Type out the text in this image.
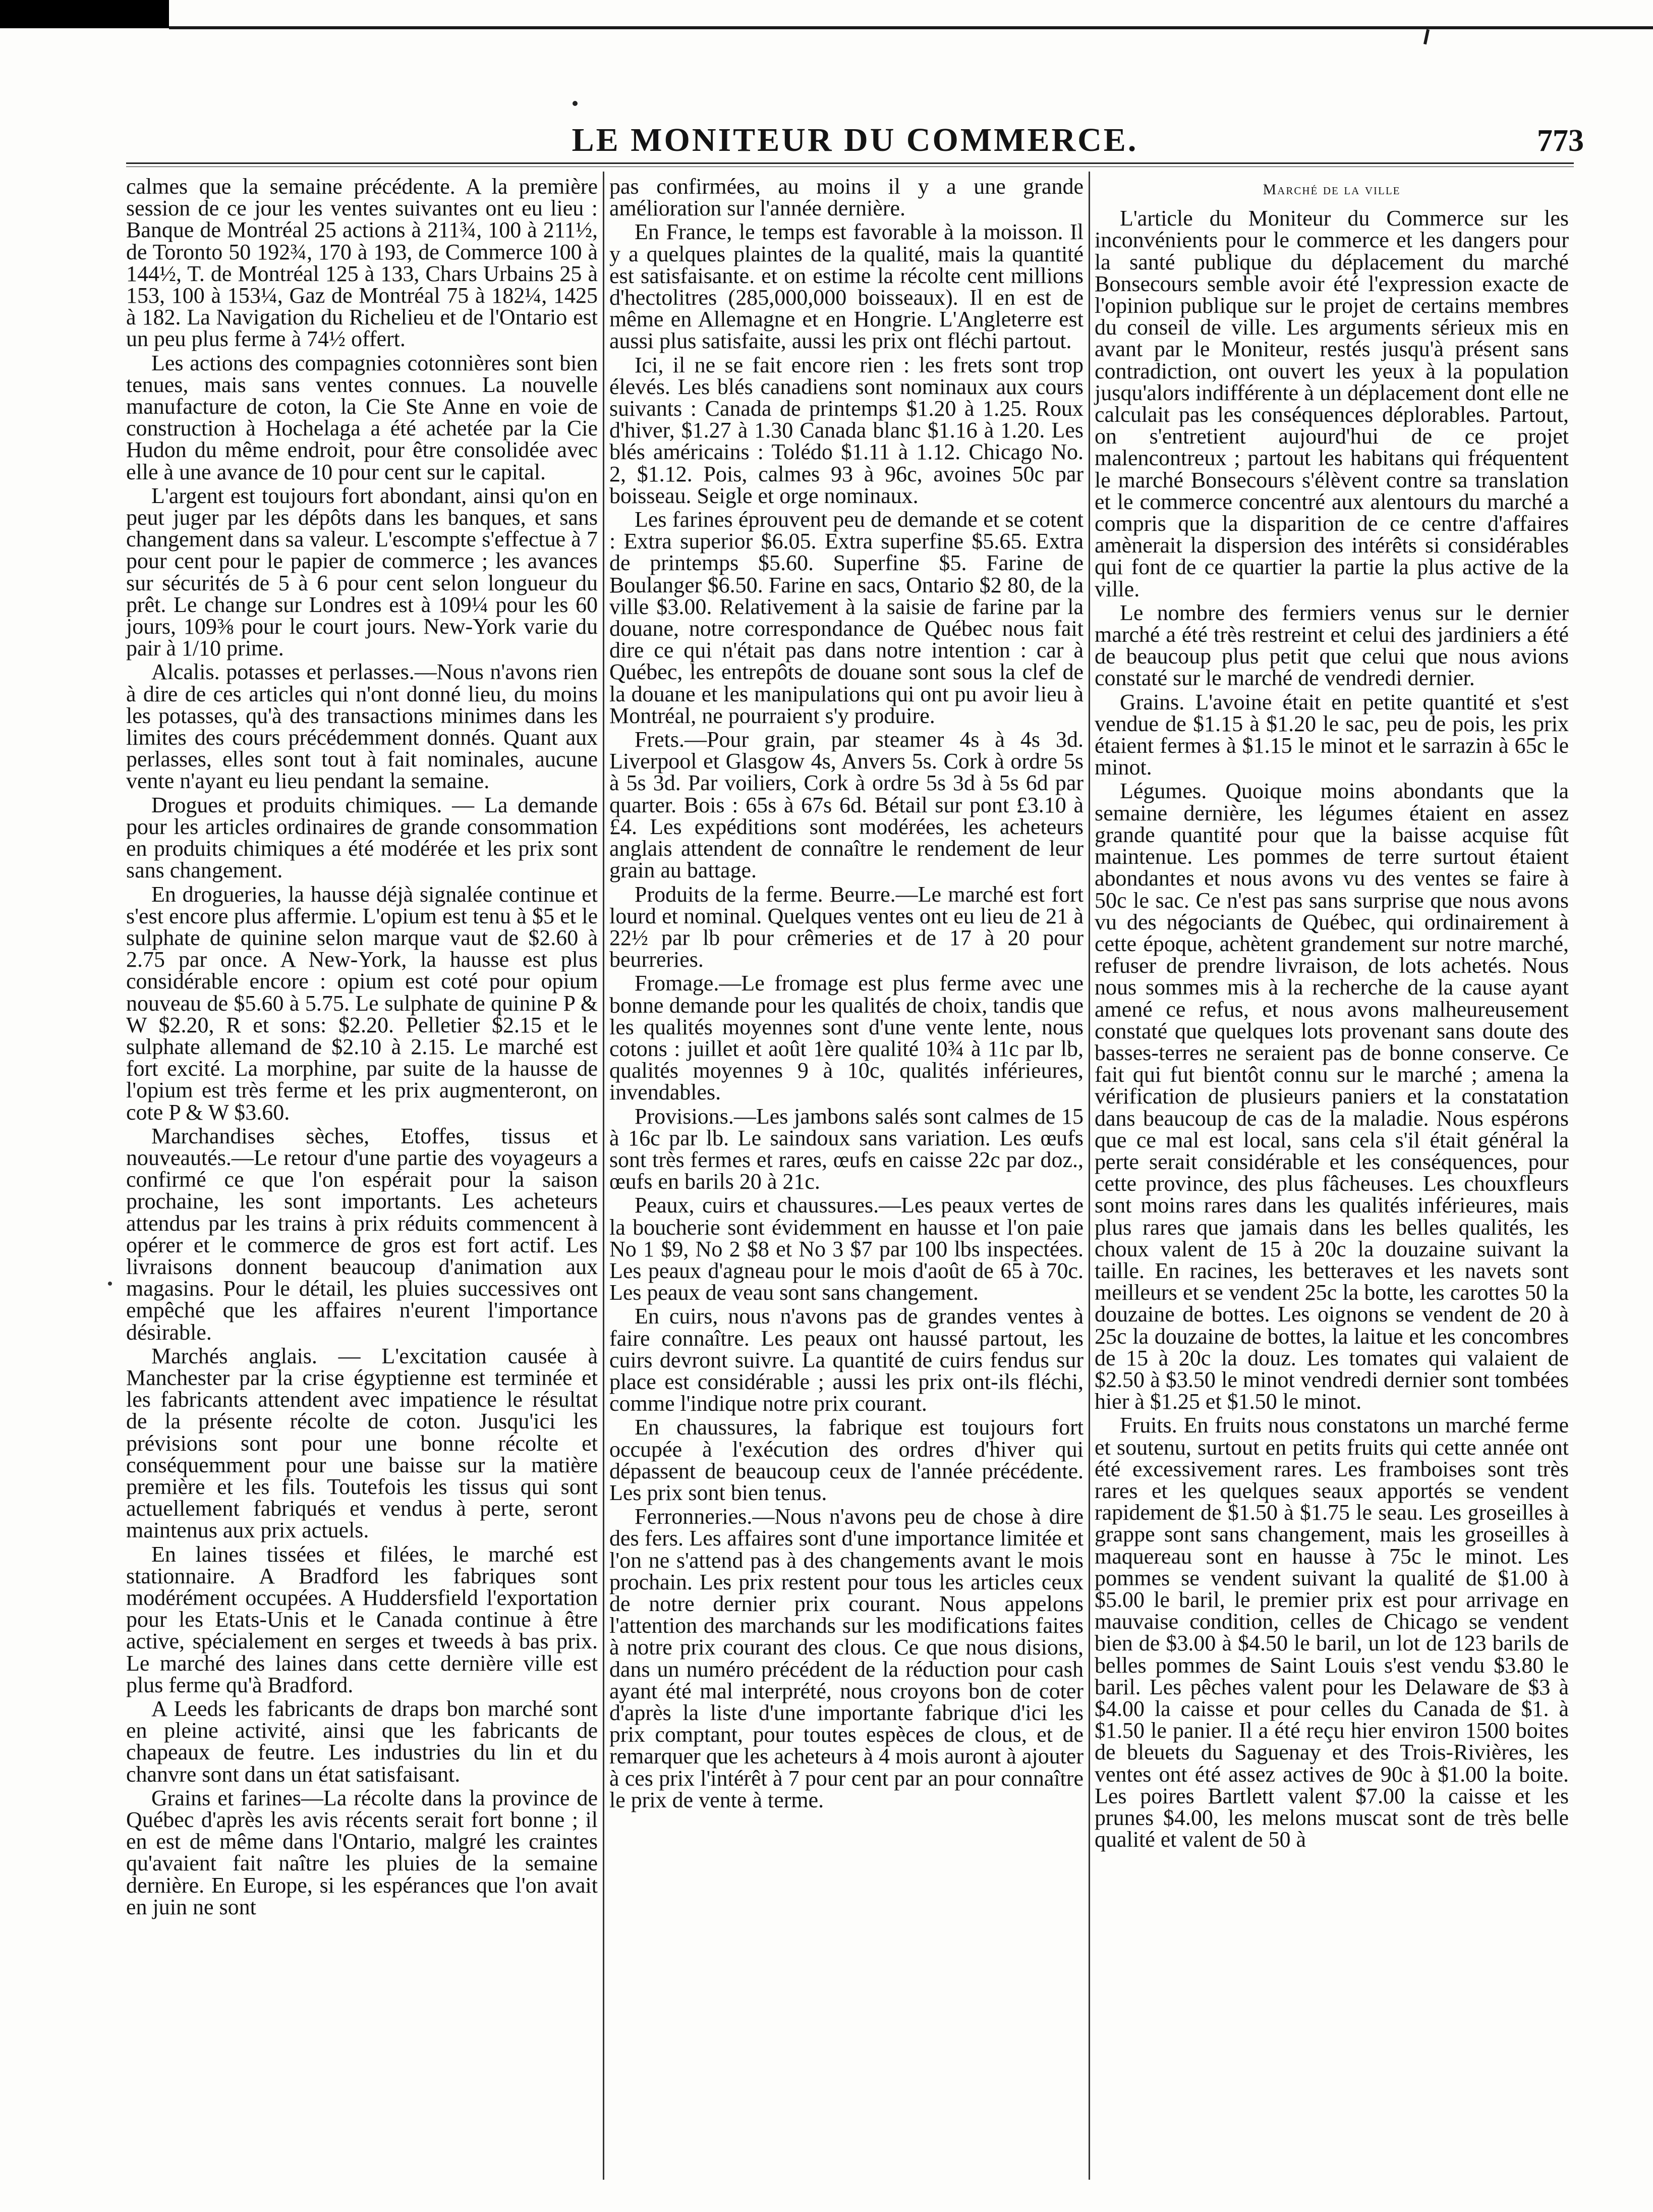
LE MONITEUR DU COMMERCE.	773

calmes que la semaine précédente. A la première session de ce jour les ventes suivantes ont eu lieu : Banque de Montréal 25 actions à 211¾, 100 à 211½, de Toronto 50 192¾, 170 à 193, de Commerce 100 à 144½, T. de Montréal 125 à 133, Chars Urbains 25 à 153, 100 à 153¼, Gaz de Montréal 75 à 182¼, 1425 à 182. La Navigation du Richelieu et de l'Ontario est un peu plus ferme à 74½ offert.

Les actions des compagnies cotonnières sont bien tenues, mais sans ventes connues. La nouvelle manufacture de coton, la Cie Ste Anne en voie de construction à Hochelaga a été achetée par la Cie Hudon du même endroit, pour être consolidée avec elle à une avance de 10 pour cent sur le capital.

L'argent est toujours fort abondant, ainsi qu'on en peut juger par les dépôts dans les banques, et sans changement dans sa valeur. L'escompte s'effectue à 7 pour cent pour le papier de commerce ; les avances sur sécurités de 5 à 6 pour cent selon longueur du prêt. Le change sur Londres est à 109¼ pour les 60 jours, 109⅜ pour le court jours. New-York varie du pair à 1/10 prime.

Alcalis. potasses et perlasses.—Nous n'avons rien à dire de ces articles qui n'ont donné lieu, du moins les potasses, qu'à des transactions minimes dans les limites des cours précédemment donnés. Quant aux perlasses, elles sont tout à fait nominales, aucune vente n'ayant eu lieu pendant la semaine.

Drogues et produits chimiques. — La demande pour les articles ordinaires de grande consommation en produits chimiques a été modérée et les prix sont sans changement.

En drogueries, la hausse déjà signalée continue et s'est encore plus affermie. L'opium est tenu à $5 et le sulphate de quinine selon marque vaut de $2.60 à 2.75 par once. A New-York, la hausse est plus considérable encore : opium est coté pour opium nouveau de $5.60 à 5.75. Le sulphate de quinine P & W $2.20, R et sons: $2.20. Pelletier $2.15 et le sulphate allemand de $2.10 à 2.15. Le marché est fort excité. La morphine, par suite de la hausse de l'opium est très ferme et les prix augmenteront, on cote P & W $3.60.

Marchandises sèches, Etoffes, tissus et nouveautés.—Le retour d'une partie des voyageurs a confirmé ce que l'on espérait pour la saison prochaine, les sont importants. Les acheteurs attendus par les trains à prix réduits commencent à opérer et le commerce de gros est fort actif. Les livraisons donnent beaucoup d'animation aux magasins. Pour le détail, les pluies successives ont empêché que les affaires n'eurent l'importance désirable.

Marchés anglais. — L'excitation causée à Manchester par la crise égyptienne est terminée et les fabricants attendent avec impatience le résultat de la présente récolte de coton. Jusqu'ici les prévisions sont pour une bonne récolte et conséquemment pour une baisse sur la matière première et les fils. Toutefois les tissus qui sont actuellement fabriqués et vendus à perte, seront maintenus aux prix actuels.

En laines tissées et filées, le marché est stationnaire. A Bradford les fabriques sont modérément occupées. A Huddersfield l'exportation pour les Etats-Unis et le Canada continue à être active, spécialement en serges et tweeds à bas prix. Le marché des laines dans cette dernière ville est plus ferme qu'à Bradford.

A Leeds les fabricants de draps bon marché sont en pleine activité, ainsi que les fabricants de chapeaux de feutre. Les industries du lin et du chanvre sont dans un état satisfaisant.

Grains et farines—La récolte dans la province de Québec d'après les avis récents serait fort bonne ; il en est de même dans l'Ontario, malgré les craintes qu'avaient fait naître les pluies de la semaine dernière. En Europe, si les espérances que l'on avait en juin ne sont

pas confirmées, au moins il y a une grande amélioration sur l'année dernière.

En France, le temps est favorable à la moisson. Il y a quelques plaintes de la qualité, mais la quantité est satisfaisante. et on estime la récolte cent millions d'hectolitres (285,000,000 boisseaux). Il en est de même en Allemagne et en Hongrie. L'Angleterre est aussi plus satisfaite, aussi les prix ont fléchi partout.

Ici, il ne se fait encore rien : les frets sont trop élevés. Les blés canadiens sont nominaux aux cours suivants : Canada de printemps $1.20 à 1.25. Roux d'hiver, $1.27 à 1.30 Canada blanc $1.16 à 1.20. Les blés américains : Tolédo $1.11 à 1.12. Chicago No. 2, $1.12. Pois, calmes 93 à 96c, avoines 50c par boisseau. Seigle et orge nominaux.

Les farines éprouvent peu de demande et se cotent : Extra superior $6.05. Extra superfine $5.65. Extra de printemps $5.60. Superfine $5. Farine de Boulanger $6.50. Farine en sacs, Ontario $2 80, de la ville $3.00. Relativement à la saisie de farine par la douane, notre correspondance de Québec nous fait dire ce qui n'était pas dans notre intention : car à Québec, les entrepôts de douane sont sous la clef de la douane et les manipulations qui ont pu avoir lieu à Montréal, ne pourraient s'y produire.

Frets.—Pour grain, par steamer 4s à 4s 3d. Liverpool et Glasgow 4s, Anvers 5s. Cork à ordre 5s à 5s 3d. Par voiliers, Cork à ordre 5s 3d à 5s 6d par quarter. Bois : 65s à 67s 6d. Bétail sur pont £3.10 à £4. Les expéditions sont modérées, les acheteurs anglais attendent de connaître le rendement de leur grain au battage.

Produits de la ferme. Beurre.—Le marché est fort lourd et nominal. Quelques ventes ont eu lieu de 21 à 22½ par lb pour crêmeries et de 17 à 20 pour beurreries.

Fromage.—Le fromage est plus ferme avec une bonne demande pour les qualités de choix, tandis que les qualités moyennes sont d'une vente lente, nous cotons : juillet et août 1ère qualité 10¾ à 11c par lb, qualités moyennes 9 à 10c, qualités inférieures, invendables.

Provisions.—Les jambons salés sont calmes de 15 à 16c par lb. Le saindoux sans variation. Les œufs sont très fermes et rares, œufs en caisse 22c par doz., œufs en barils 20 à 21c.

Peaux, cuirs et chaussures.—Les peaux vertes de la boucherie sont évidemment en hausse et l'on paie No 1 $9, No 2 $8 et No 3 $7 par 100 lbs inspectées. Les peaux d'agneau pour le mois d'août de 65 à 70c. Les peaux de veau sont sans changement.

En cuirs, nous n'avons pas de grandes ventes à faire connaître. Les peaux ont haussé partout, les cuirs devront suivre. La quantité de cuirs fendus sur place est considérable ; aussi les prix ont-ils fléchi, comme l'indique notre prix courant.

En chaussures, la fabrique est toujours fort occupée à l'exécution des ordres d'hiver qui dépassent de beaucoup ceux de l'année précédente. Les prix sont bien tenus.

Ferronneries.—Nous n'avons peu de chose à dire des fers. Les affaires sont d'une importance limitée et l'on ne s'attend pas à des changements avant le mois prochain. Les prix restent pour tous les articles ceux de notre dernier prix courant. Nous appelons l'attention des marchands sur les modifications faites à notre prix courant des clous. Ce que nous disions, dans un numéro précédent de la réduction pour cash ayant été mal interprété, nous croyons bon de coter d'après la liste d'une importante fabrique d'ici les prix comptant, pour toutes espèces de clous, et de remarquer que les acheteurs à 4 mois auront à ajouter à ces prix l'intérêt à 7 pour cent par an pour connaître le prix de vente à terme.

Marché de la ville

L'article du Moniteur du Commerce sur les inconvénients pour le commerce et les dangers pour la santé publique du déplacement du marché Bonsecours semble avoir été l'expression exacte de l'opinion publique sur le projet de certains membres du conseil de ville. Les arguments sérieux mis en avant par le Moniteur, restés jusqu'à présent sans contradiction, ont ouvert les yeux à la population jusqu'alors indifférente à un déplacement dont elle ne calculait pas les conséquences déplorables. Partout, on s'entretient aujourd'hui de ce projet malencontreux ; partout les habitans qui fréquentent le marché Bonsecours s'élèvent contre sa translation et le commerce concentré aux alentours du marché a compris que la disparition de ce centre d'affaires amènerait la dispersion des intérêts si considérables qui font de ce quartier la partie la plus active de la ville.

Le nombre des fermiers venus sur le dernier marché a été très restreint et celui des jardiniers a été de beaucoup plus petit que celui que nous avions constaté sur le marché de vendredi dernier.

Grains. L'avoine était en petite quantité et s'est vendue de $1.15 à $1.20 le sac, peu de pois, les prix étaient fermes à $1.15 le minot et le sarrazin à 65c le minot.

Légumes. Quoique moins abondants que la semaine dernière, les légumes étaient en assez grande quantité pour que la baisse acquise fût maintenue. Les pommes de terre surtout étaient abondantes et nous avons vu des ventes se faire à 50c le sac. Ce n'est pas sans surprise que nous avons vu des négociants de Québec, qui ordinairement à cette époque, achètent grandement sur notre marché, refuser de prendre livraison, de lots achetés. Nous nous sommes mis à la recherche de la cause ayant amené ce refus, et nous avons malheureusement constaté que quelques lots provenant sans doute des basses-terres ne seraient pas de bonne conserve. Ce fait qui fut bientôt connu sur le marché ; amena la vérification de plusieurs paniers et la constatation dans beaucoup de cas de la maladie. Nous espérons que ce mal est local, sans cela s'il était général la perte serait considérable et les conséquences, pour cette province, des plus fâcheuses. Les chouxfleurs sont moins rares dans les qualités inférieures, mais plus rares que jamais dans les belles qualités, les choux valent de 15 à 20c la douzaine suivant la taille. En racines, les betteraves et les navets sont meilleurs et se vendent 25c la botte, les carottes 50 la douzaine de bottes. Les oignons se vendent de 20 à 25c la douzaine de bottes, la laitue et les concombres de 15 à 20c la douz. Les tomates qui valaient de $2.50 à $3.50 le minot vendredi dernier sont tombées hier à $1.25 et $1.50 le minot.

Fruits. En fruits nous constatons un marché ferme et soutenu, surtout en petits fruits qui cette année ont été excessivement rares. Les framboises sont très rares et les quelques seaux apportés se vendent rapidement de $1.50 à $1.75 le seau. Les groseilles à grappe sont sans changement, mais les groseilles à maquereau sont en hausse à 75c le minot. Les pommes se vendent suivant la qualité de $1.00 à $5.00 le baril, le premier prix est pour arrivage en mauvaise condition, celles de Chicago se vendent bien de $3.00 à $4.50 le baril, un lot de 123 barils de belles pommes de Saint Louis s'est vendu $3.80 le baril. Les pêches valent pour les Delaware de $3 à $4.00 la caisse et pour celles du Canada de $1. à $1.50 le panier. Il a été reçu hier environ 1500 boites de bleuets du Saguenay et des Trois-Rivières, les ventes ont été assez actives de 90c à $1.00 la boite. Les poires Bartlett valent $7.00 la caisse et les prunes $4.00, les melons muscat sont de très belle qualité et valent de 50 à
